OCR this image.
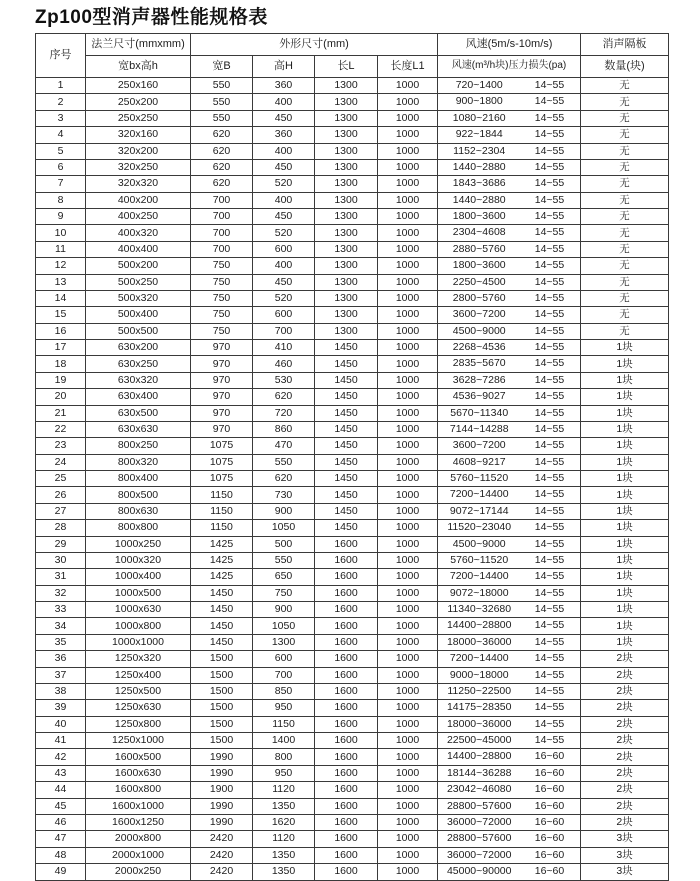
Zp100型消声器性能规格表
序号	法兰尺寸(mmxmm)	外形尺寸(mm)				风速(5m/s-10m/s)	消声隔板
	宽bx高h	宽B	高H	长L	长度L1	风速(m³/h块)压力损失(pa)	数量(块)
1	250x160	550	360	1300	1000	720~1400 14~55	无
2	250x200	550	400	1300	1000	900~1800 14~55	无
3	250x250	550	450	1300	1000	1080~2160 14~55	无
4	320x160	620	360	1300	1000	922~1844 14~55	无
5	320x200	620	400	1300	1000	1152~2304 14~55	无
6	320x250	620	450	1300	1000	1440~2880 14~55	无
7	320x320	620	520	1300	1000	1843~3686 14~55	无
8	400x200	700	400	1300	1000	1440~2880 14~55	无
9	400x250	700	450	1300	1000	1800~3600 14~55	无
10	400x320	700	520	1300	1000	2304~4608 14~55	无
11	400x400	700	600	1300	1000	2880~5760 14~55	无
12	500x200	750	400	1300	1000	1800~3600 14~55	无
13	500x250	750	450	1300	1000	2250~4500 14~55	无
14	500x320	750	520	1300	1000	2800~5760 14~55	无
15	500x400	750	600	1300	1000	3600~7200 14~55	无
16	500x500	750	700	1300	1000	4500~9000 14~55	无
17	630x200	970	410	1450	1000	2268~4536 14~55	1块
18	630x250	970	460	1450	1000	2835~5670 14~55	1块
19	630x320	970	530	1450	1000	3628~7286 14~55	1块
20	630x400	970	620	1450	1000	4536~9027 14~55	1块
21	630x500	970	720	1450	1000	5670~11340 14~55	1块
22	630x630	970	860	1450	1000	7144~14288 14~55	1块
23	800x250	1075	470	1450	1000	3600~7200 14~55	1块
24	800x320	1075	550	1450	1000	4608~9217 14~55	1块
25	800x400	1075	620	1450	1000	5760~11520 14~55	1块
26	800x500	1150	730	1450	1000	7200~14400 14~55	1块
27	800x630	1150	900	1450	1000	9072~17144 14~55	1块
28	800x800	1150	1050	1450	1000	11520~23040 14~55	1块
29	1000x250	1425	500	1600	1000	4500~9000 14~55	1块
30	1000x320	1425	550	1600	1000	5760~11520 14~55	1块
31	1000x400	1425	650	1600	1000	7200~14400 14~55	1块
32	1000x500	1450	750	1600	1000	9072~18000 14~55	1块
33	1000x630	1450	900	1600	1000	11340~32680 14~55	1块
34	1000x800	1450	1050	1600	1000	14400~28800 14~55	1块
35	1000x1000	1450	1300	1600	1000	18000~36000 14~55	1块
36	1250x320	1500	600	1600	1000	7200~14400 14~55	2块
37	1250x400	1500	700	1600	1000	9000~18000 14~55	2块
38	1250x500	1500	850	1600	1000	11250~22500 14~55	2块
39	1250x630	1500	950	1600	1000	14175~28350 14~55	2块
40	1250x800	1500	1150	1600	1000	18000~36000 14~55	2块
41	1250x1000	1500	1400	1600	1000	22500~45000 14~55	2块
42	1600x500	1990	800	1600	1000	14400~28800 16~60	2块
43	1600x630	1990	950	1600	1000	18144~36288 16~60	2块
44	1600x800	1900	1120	1600	1000	23042~46080 16~60	2块
45	1600x1000	1990	1350	1600	1000	28800~57600 16~60	2块
46	1600x1250	1990	1620	1600	1000	36000~72000 16~60	2块
47	2000x800	2420	1120	1600	1000	28800~57600 16~60	3块
48	2000x1000	2420	1350	1600	1000	36000~72000 16~60	3块
49	2000x250	2420	1350	1600	1000	45000~90000 16~60	3块
